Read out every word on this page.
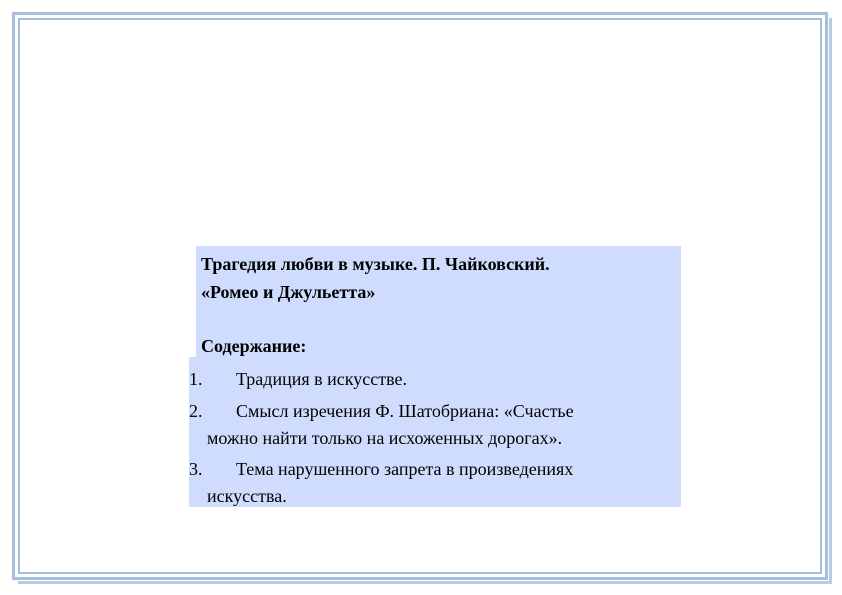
Трагедия любви в музыке. П. Чайковский.
«Ромео и Джульетта»
Содержание:
1. Традиция в искусстве.
2. Смысл изречения Ф. Шатобриана: «Счастье
можно найти только на исхоженных дорогах».
3. Тема нарушенного запрета в произведениях
искусства.
